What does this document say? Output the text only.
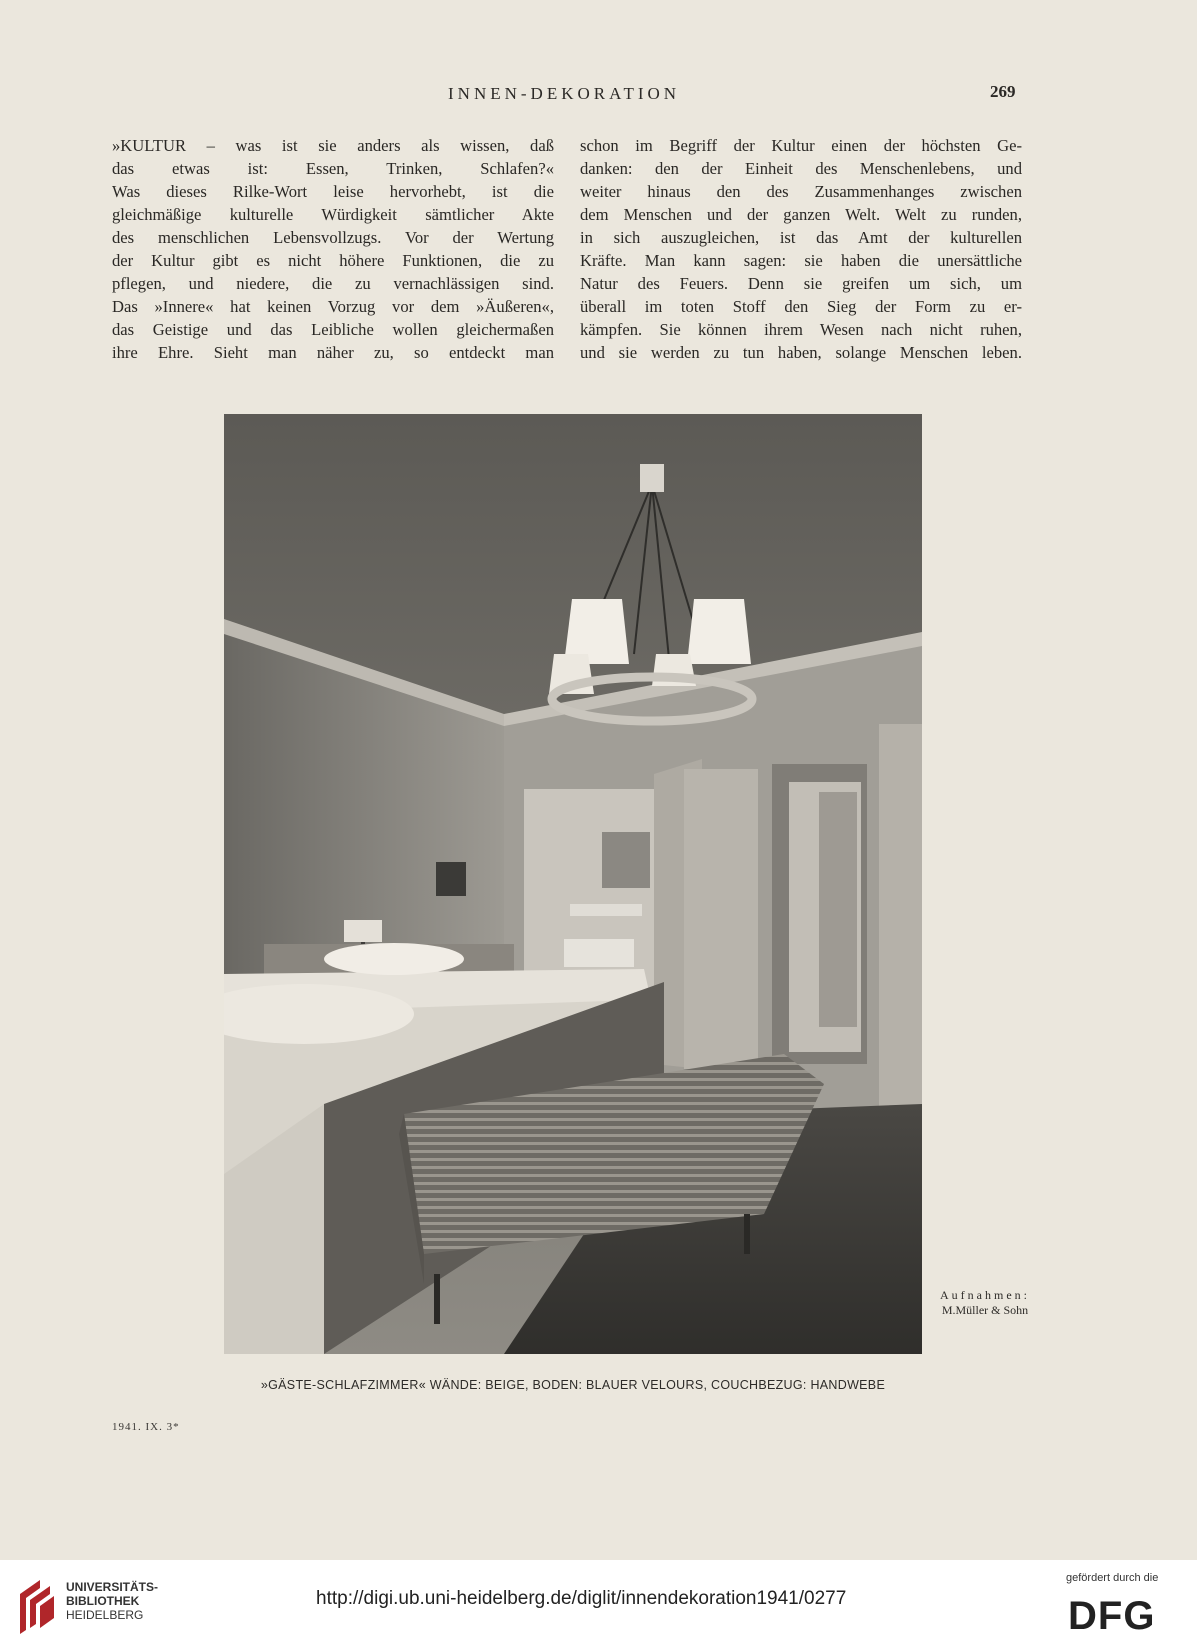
INNEN-DEKORATION	269
»KULTUR – was ist sie anders als wissen, daß
das etwas ist: Essen, Trinken, Schlafen?«
Was dieses Rilke-Wort leise hervorhebt, ist die
gleichmäßige kulturelle Würdigkeit sämtlicher Akte
des menschlichen Lebensvollzugs. Vor der Wertung
der Kultur gibt es nicht höhere Funktionen, die zu
pflegen, und niedere, die zu vernachlässigen sind.
Das »Innere« hat keinen Vorzug vor dem »Äußeren«,
das Geistige und das Leibliche wollen gleichermaßen
ihre Ehre. Sieht man näher zu, so entdeckt man
schon im Begriff der Kultur einen der höchsten Ge-
danken: den der Einheit des Menschenlebens, und
weiter hinaus den des Zusammenhanges zwischen
dem Menschen und der ganzen Welt. Welt zu runden,
in sich auszugleichen, ist das Amt der kulturellen
Kräfte. Man kann sagen: sie haben die unersättliche
Natur des Feuers. Denn sie greifen um sich, um
überall im toten Stoff den Sieg der Form zu er-
kämpfen. Sie können ihrem Wesen nach nicht ruhen,
und sie werden zu tun haben, solange Menschen leben.
Aufnahmen:
M.Müller & Sohn
»GÄSTE-SCHLAFZIMMER« WÄNDE: BEIGE, BODEN: BLAUER VELOURS, COUCHBEZUG: HANDWEBE
1941. IX. 3*
UNIVERSITÄTS-
BIBLIOTHEK
HEIDELBERG
http://digi.ub.uni-heidelberg.de/diglit/innendekoration1941/0277
gefördert durch die
DFG
